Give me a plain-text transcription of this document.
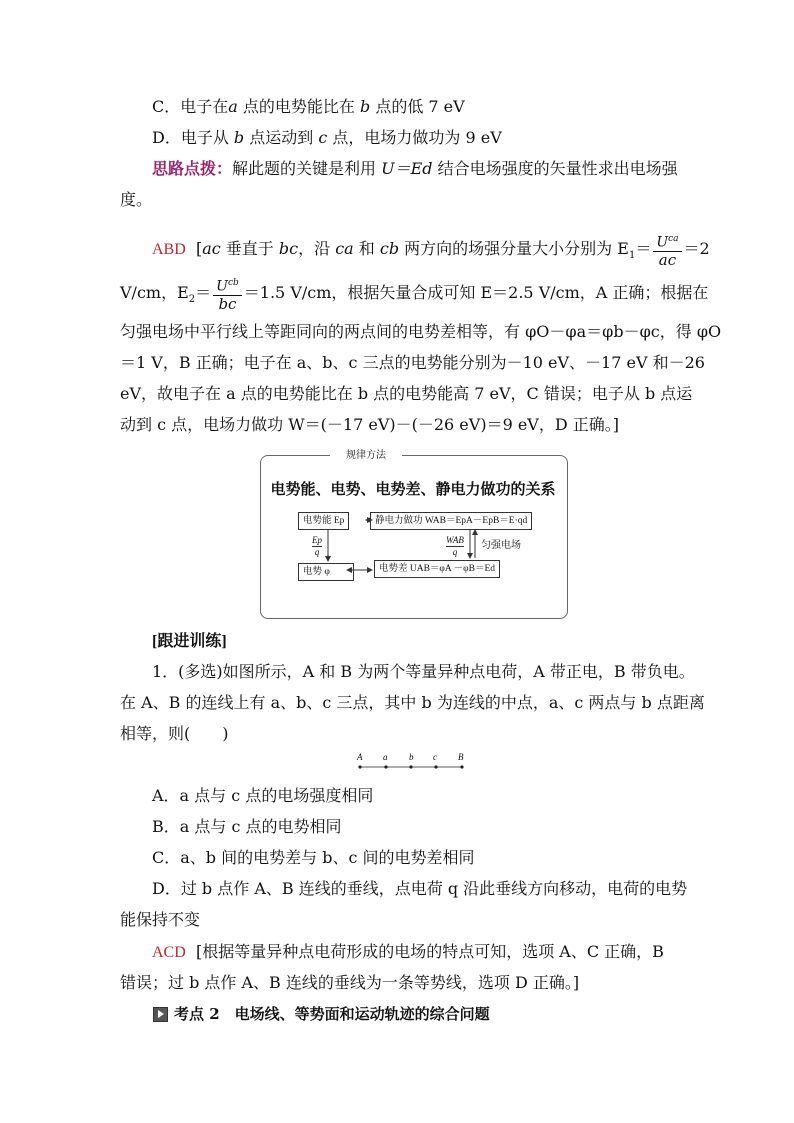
C．电子在a 点的电势能比在 b 点的低 7 eV
D．电子从 b 点运动到 c 点，电场力做功为 9 eV
思路点拨：解此题的关键是利用 U＝Ed 结合电场强度的矢量性求出电场强
度。
ABD [ac 垂直于 bc，沿 ca 和 cb 两方向的场强分量大小分别为 $E_1= \frac{U^{ca}}{ac} =2$
V/cm，$E_2= \frac{U^{cb}}{bc} =1.5$ V/cm，根据矢量合成可知 E＝2.5 V/cm，A 正确；根据在
匀强电场中平行线上等距同向的两点间的电势差相等，有 φO－φa＝φb－φc，得 φO
＝1 V，B 正确；电子在 a、b、c 三点的电势能分别为－10 eV、－17 eV 和－26
eV，故电子在 a 点的电势能比在 b 点的电势能高 7 eV，C 错误；电子从 b 点运
动到 c 点，电场力做功 W＝(－17 eV)－(－26 eV)＝9 eV，D 正确。]
规律方法
电势能、电势、电势差、静电力做功的关系
电势能 Ep	静电力做功 WAB＝EpA－EpB＝E·qd
电势 φ	电势差 UAB＝φA －φB＝Ed
Ep
q
WAB
q
匀强电场
[跟进训练]
1．(多选)如图所示，A 和 B 为两个等量异种点电荷，A 带正电，B 带负电。
在 A、B 的连线上有 a、b、c 三点，其中 b 为连线的中点，a、c 两点与 b 点距离
相等，则(　　)
A a b c B
A．a 点与 c 点的电场强度相同
B．a 点与 c 点的电势相同
C．a、b 间的电势差与 b、c 间的电势差相同
D．过 b 点作 A、B 连线的垂线，点电荷 q 沿此垂线方向移动，电荷的电势
能保持不变
ACD [根据等量异种点电荷形成的电场的特点可知，选项 A、C 正确，B
错误；过 b 点作 A、B 连线的垂线为一条等势线，选项 D 正确。]
考点 2　电场线、等势面和运动轨迹的综合问题
